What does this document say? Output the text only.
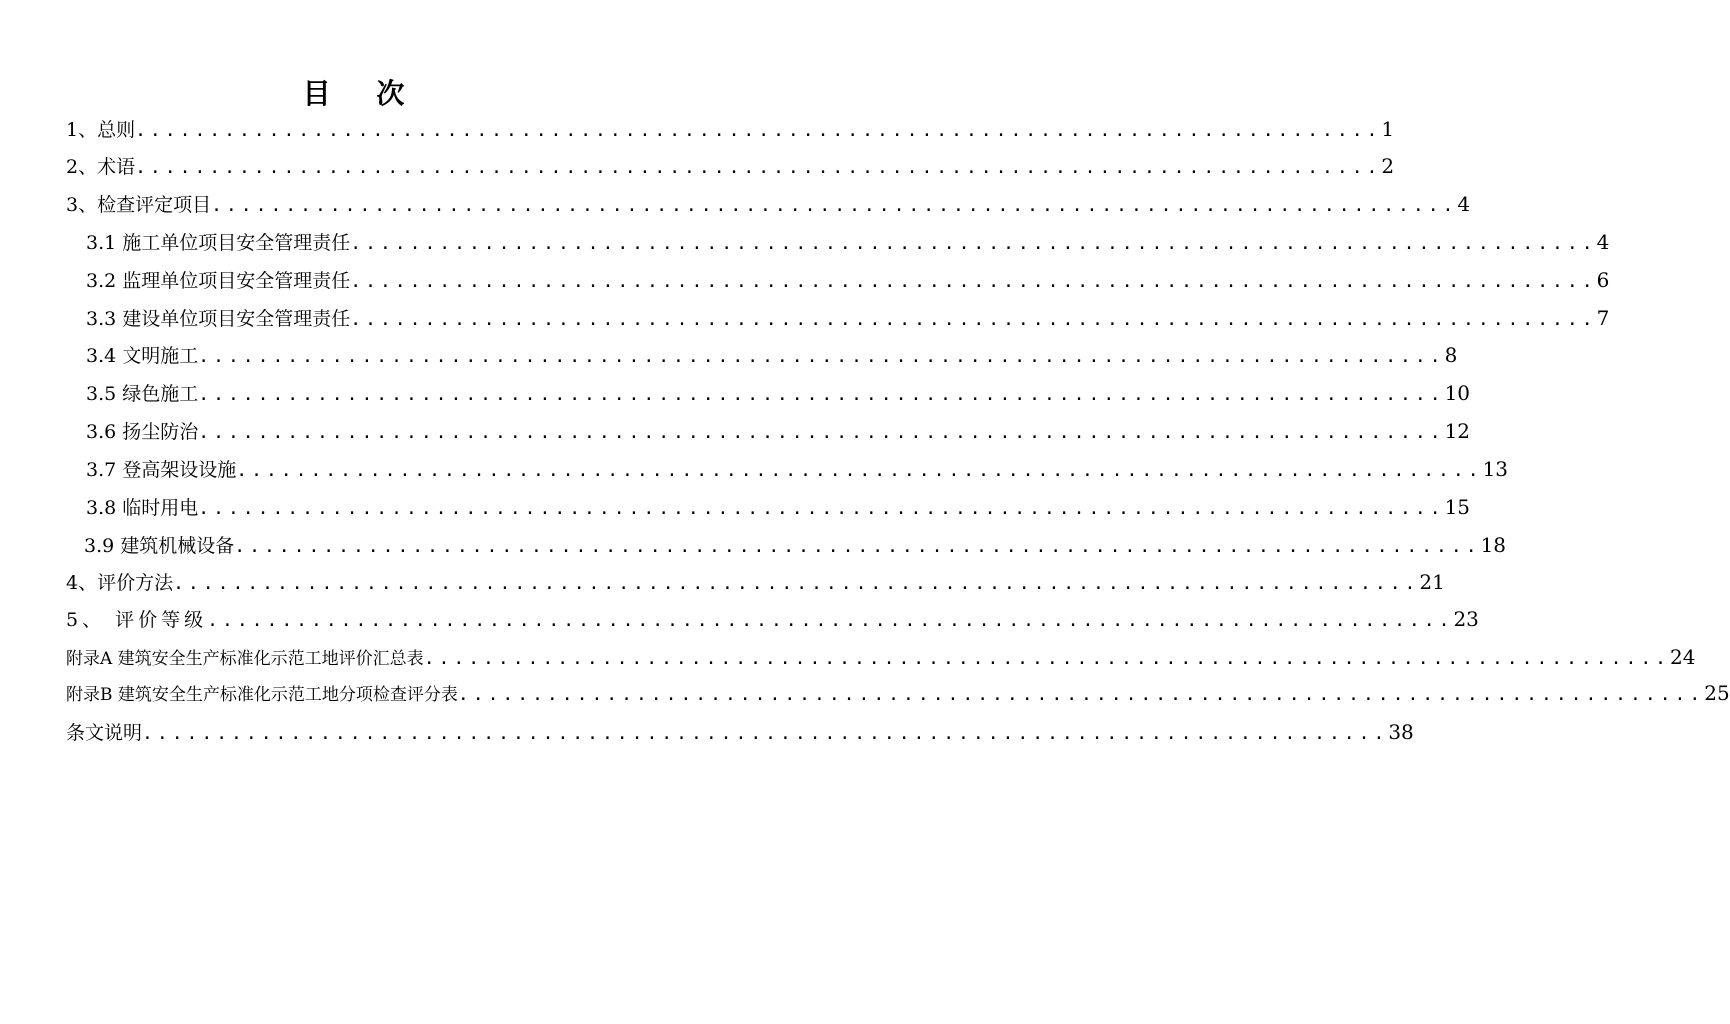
目 次
1、总则 .................................................................................... 1
2、术语 .................................................................................... 2
3、检查评定项目 .................................................................................... 4
3.1 施工单位项目安全管理责任 .................................................................................... 4
3.2 监理单位项目安全管理责任 .................................................................................... 6
3.3 建设单位项目安全管理责任 .................................................................................... 7
3.4 文明施工 .................................................................................... 8
3.5 绿色施工 .................................................................................... 10
3.6 扬尘防治 .................................................................................... 12
3.7 登高架设设施 .................................................................................... 13
3.8 临时用电 .................................................................................... 15
3.9 建筑机械设备 .................................................................................... 18
4、评价方法 .................................................................................... 21
5、 评价等级 .................................................................................... 23
附录A 建筑安全生产标准化示范工地评价汇总表 .................................................................................... 24
附录B 建筑安全生产标准化示范工地分项检查评分表 .................................................................................... 25
条文说明 .................................................................................... 38
